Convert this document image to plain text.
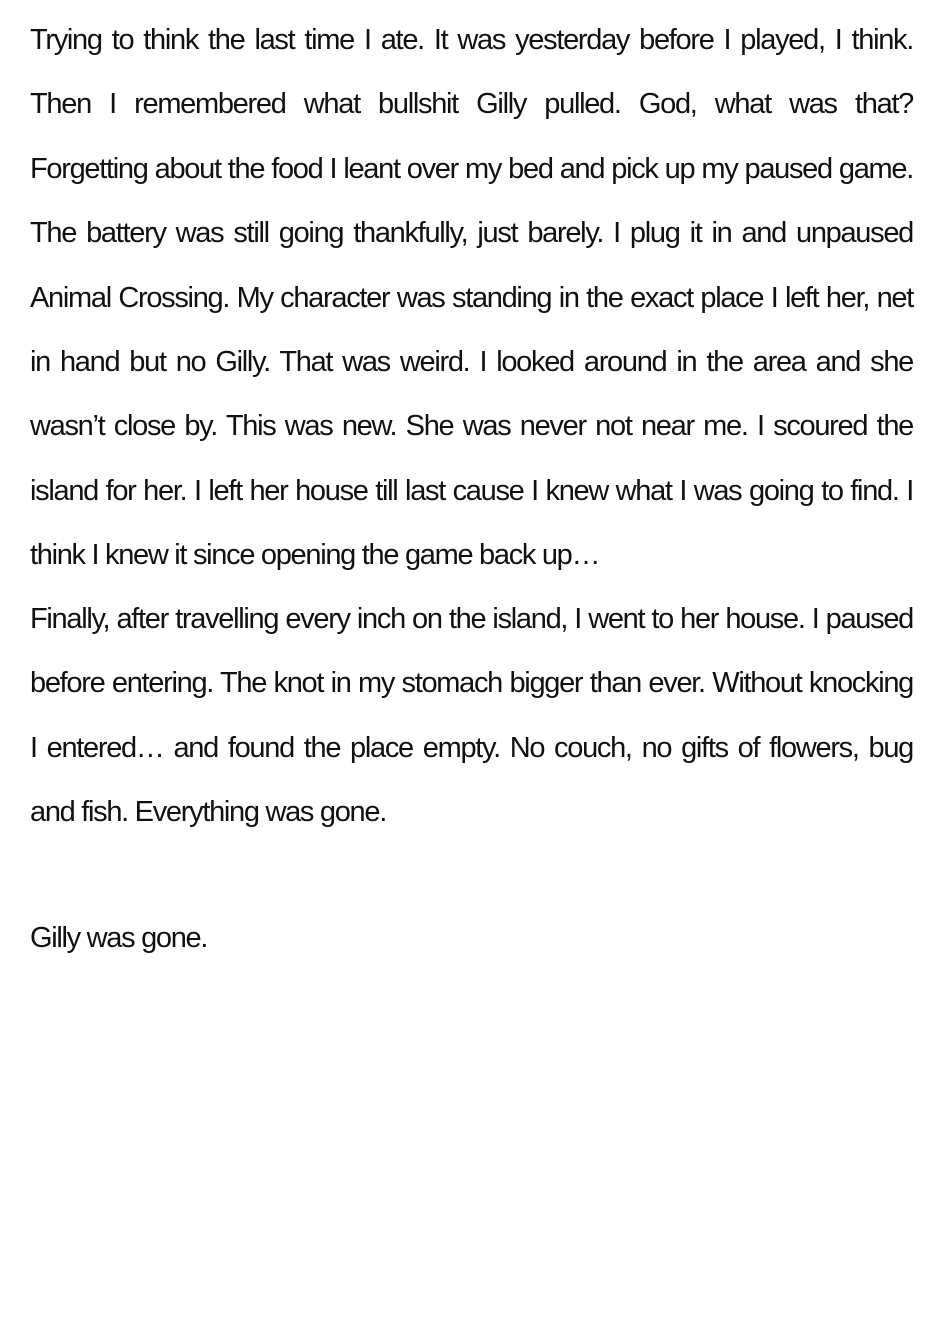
Trying to think the last time I ate. It was yesterday before I played, I think. Then I remembered what bullshit Gilly pulled. God, what was that? Forgetting about the food I leant over my bed and pick up my paused game. The battery was still going thankfully, just barely. I plug it in and unpaused Animal Crossing. My character was standing in the exact place I left her, net in hand but no Gilly. That was weird. I looked around in the area and she wasn’t close by. This was new. She was never not near me. I scoured the island for her. I left her house till last cause I knew what I was going to find. I think I knew it since opening the game back up…

Finally, after travelling every inch on the island, I went to her house. I paused before entering. The knot in my stomach bigger than ever. Without knocking I entered… and found the place empty. No couch, no gifts of flowers, bug and fish. Everything was gone.

Gilly was gone.
